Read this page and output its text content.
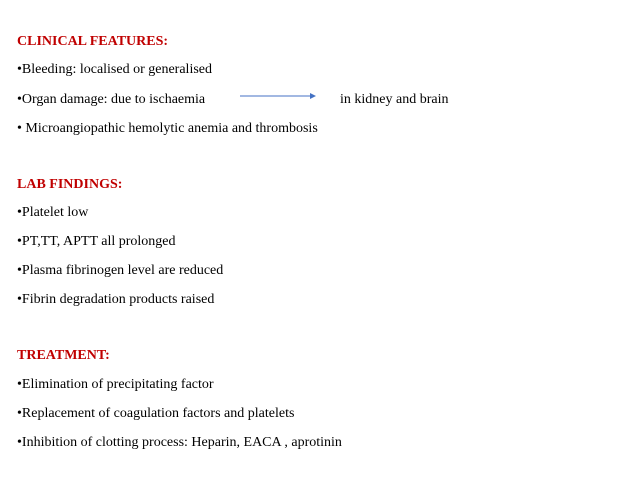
CLINICAL FEATURES:
•Bleeding: localised or generalised
•Organ damage: due to ischaemia	in kidney and brain
• Microangiopathic hemolytic anemia and thrombosis
LAB FINDINGS:
•Platelet low
•PT,TT, APTT all prolonged
•Plasma fibrinogen level are reduced
•Fibrin degradation products raised
TREATMENT:
•Elimination of precipitating factor
•Replacement of coagulation factors and platelets
•Inhibition of clotting process: Heparin, EACA , aprotinin
